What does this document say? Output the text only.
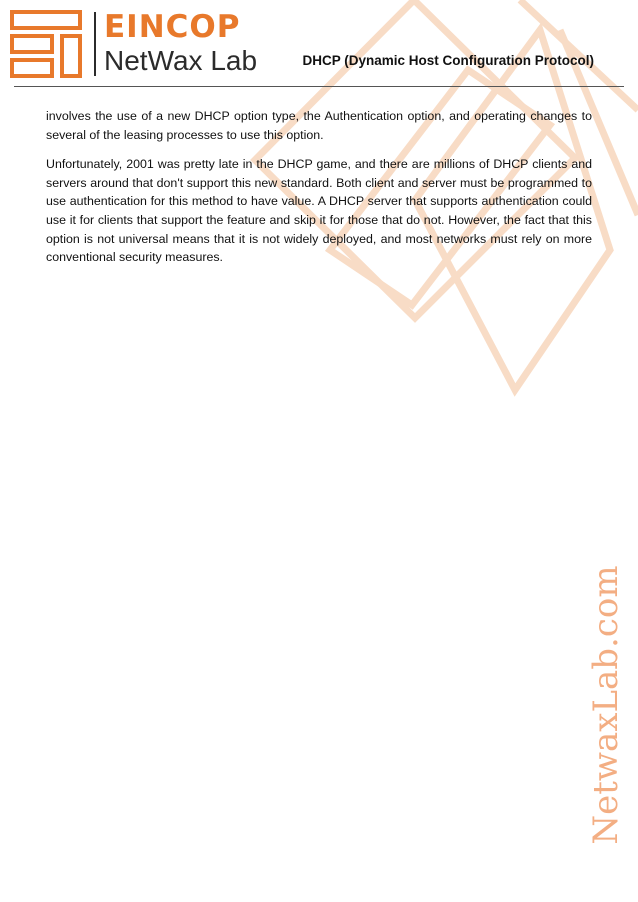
EINCOP
NetWax Lab	DHCP (Dynamic Host Configuration Protocol)

involves the use of a new DHCP option type, the Authentication option, and operating changes to several of the leasing processes to use this option.

Unfortunately, 2001 was pretty late in the DHCP game, and there are millions of DHCP clients and servers around that don't support this new standard. Both client and server must be programmed to use authentication for this method to have value. A DHCP server that supports authentication could use it for clients that support the feature and skip it for those that do not. However, the fact that this option is not universal means that it is not widely deployed, and most networks must rely on more conventional security measures.

NetwaxLab.com
